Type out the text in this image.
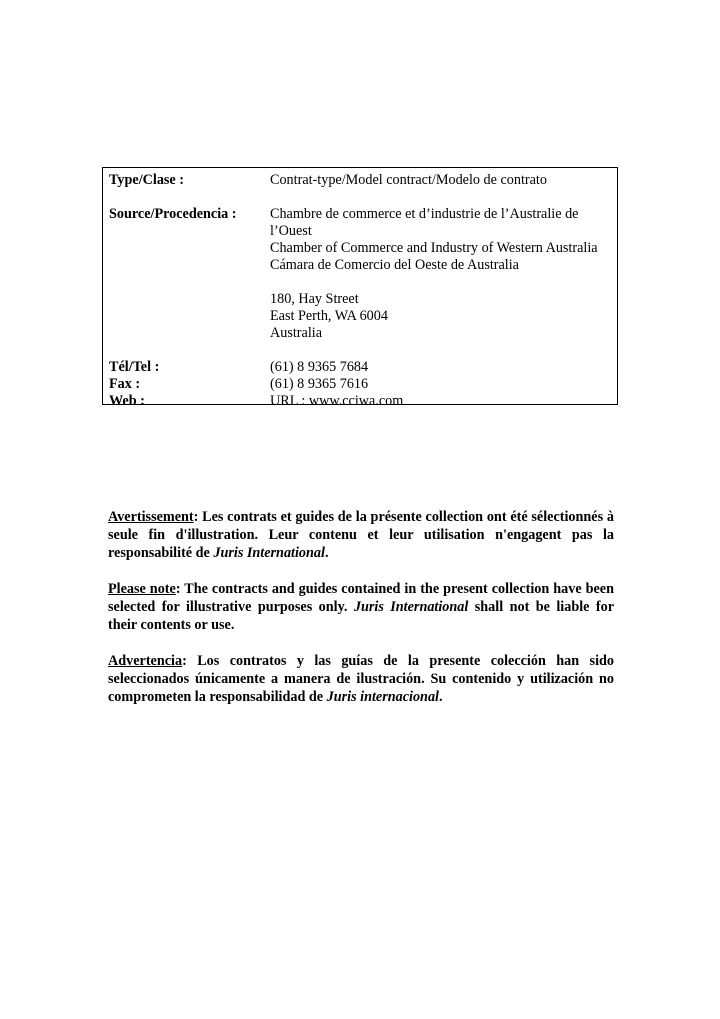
Type/Clase :	Contrat-type/Model contract/Modelo de contrato
Source/Procedencia :	Chambre de commerce et d’industrie de l’Australie de
l’Ouest
Chamber of Commerce and Industry of Western Australia
Cámara de Comercio del Oeste de Australia
180, Hay Street
East Perth, WA 6004
Australia
Tél/Tel :	(61) 8 9365 7684
Fax :	(61) 8 9365 7616
Web :	URL : www.cciwa.com

Avertissement: Les contrats et guides de la présente collection ont été sélectionnés à seule fin d'illustration. Leur contenu et leur utilisation n'engagent pas la responsabilité de Juris International.

Please note: The contracts and guides contained in the present collection have been selected for illustrative purposes only. Juris International shall not be liable for their contents or use.

Advertencia: Los contratos y las guías de la presente colección han sido seleccionados únicamente a manera de ilustración. Su contenido y utilización no comprometen la responsabilidad de Juris internacional.
